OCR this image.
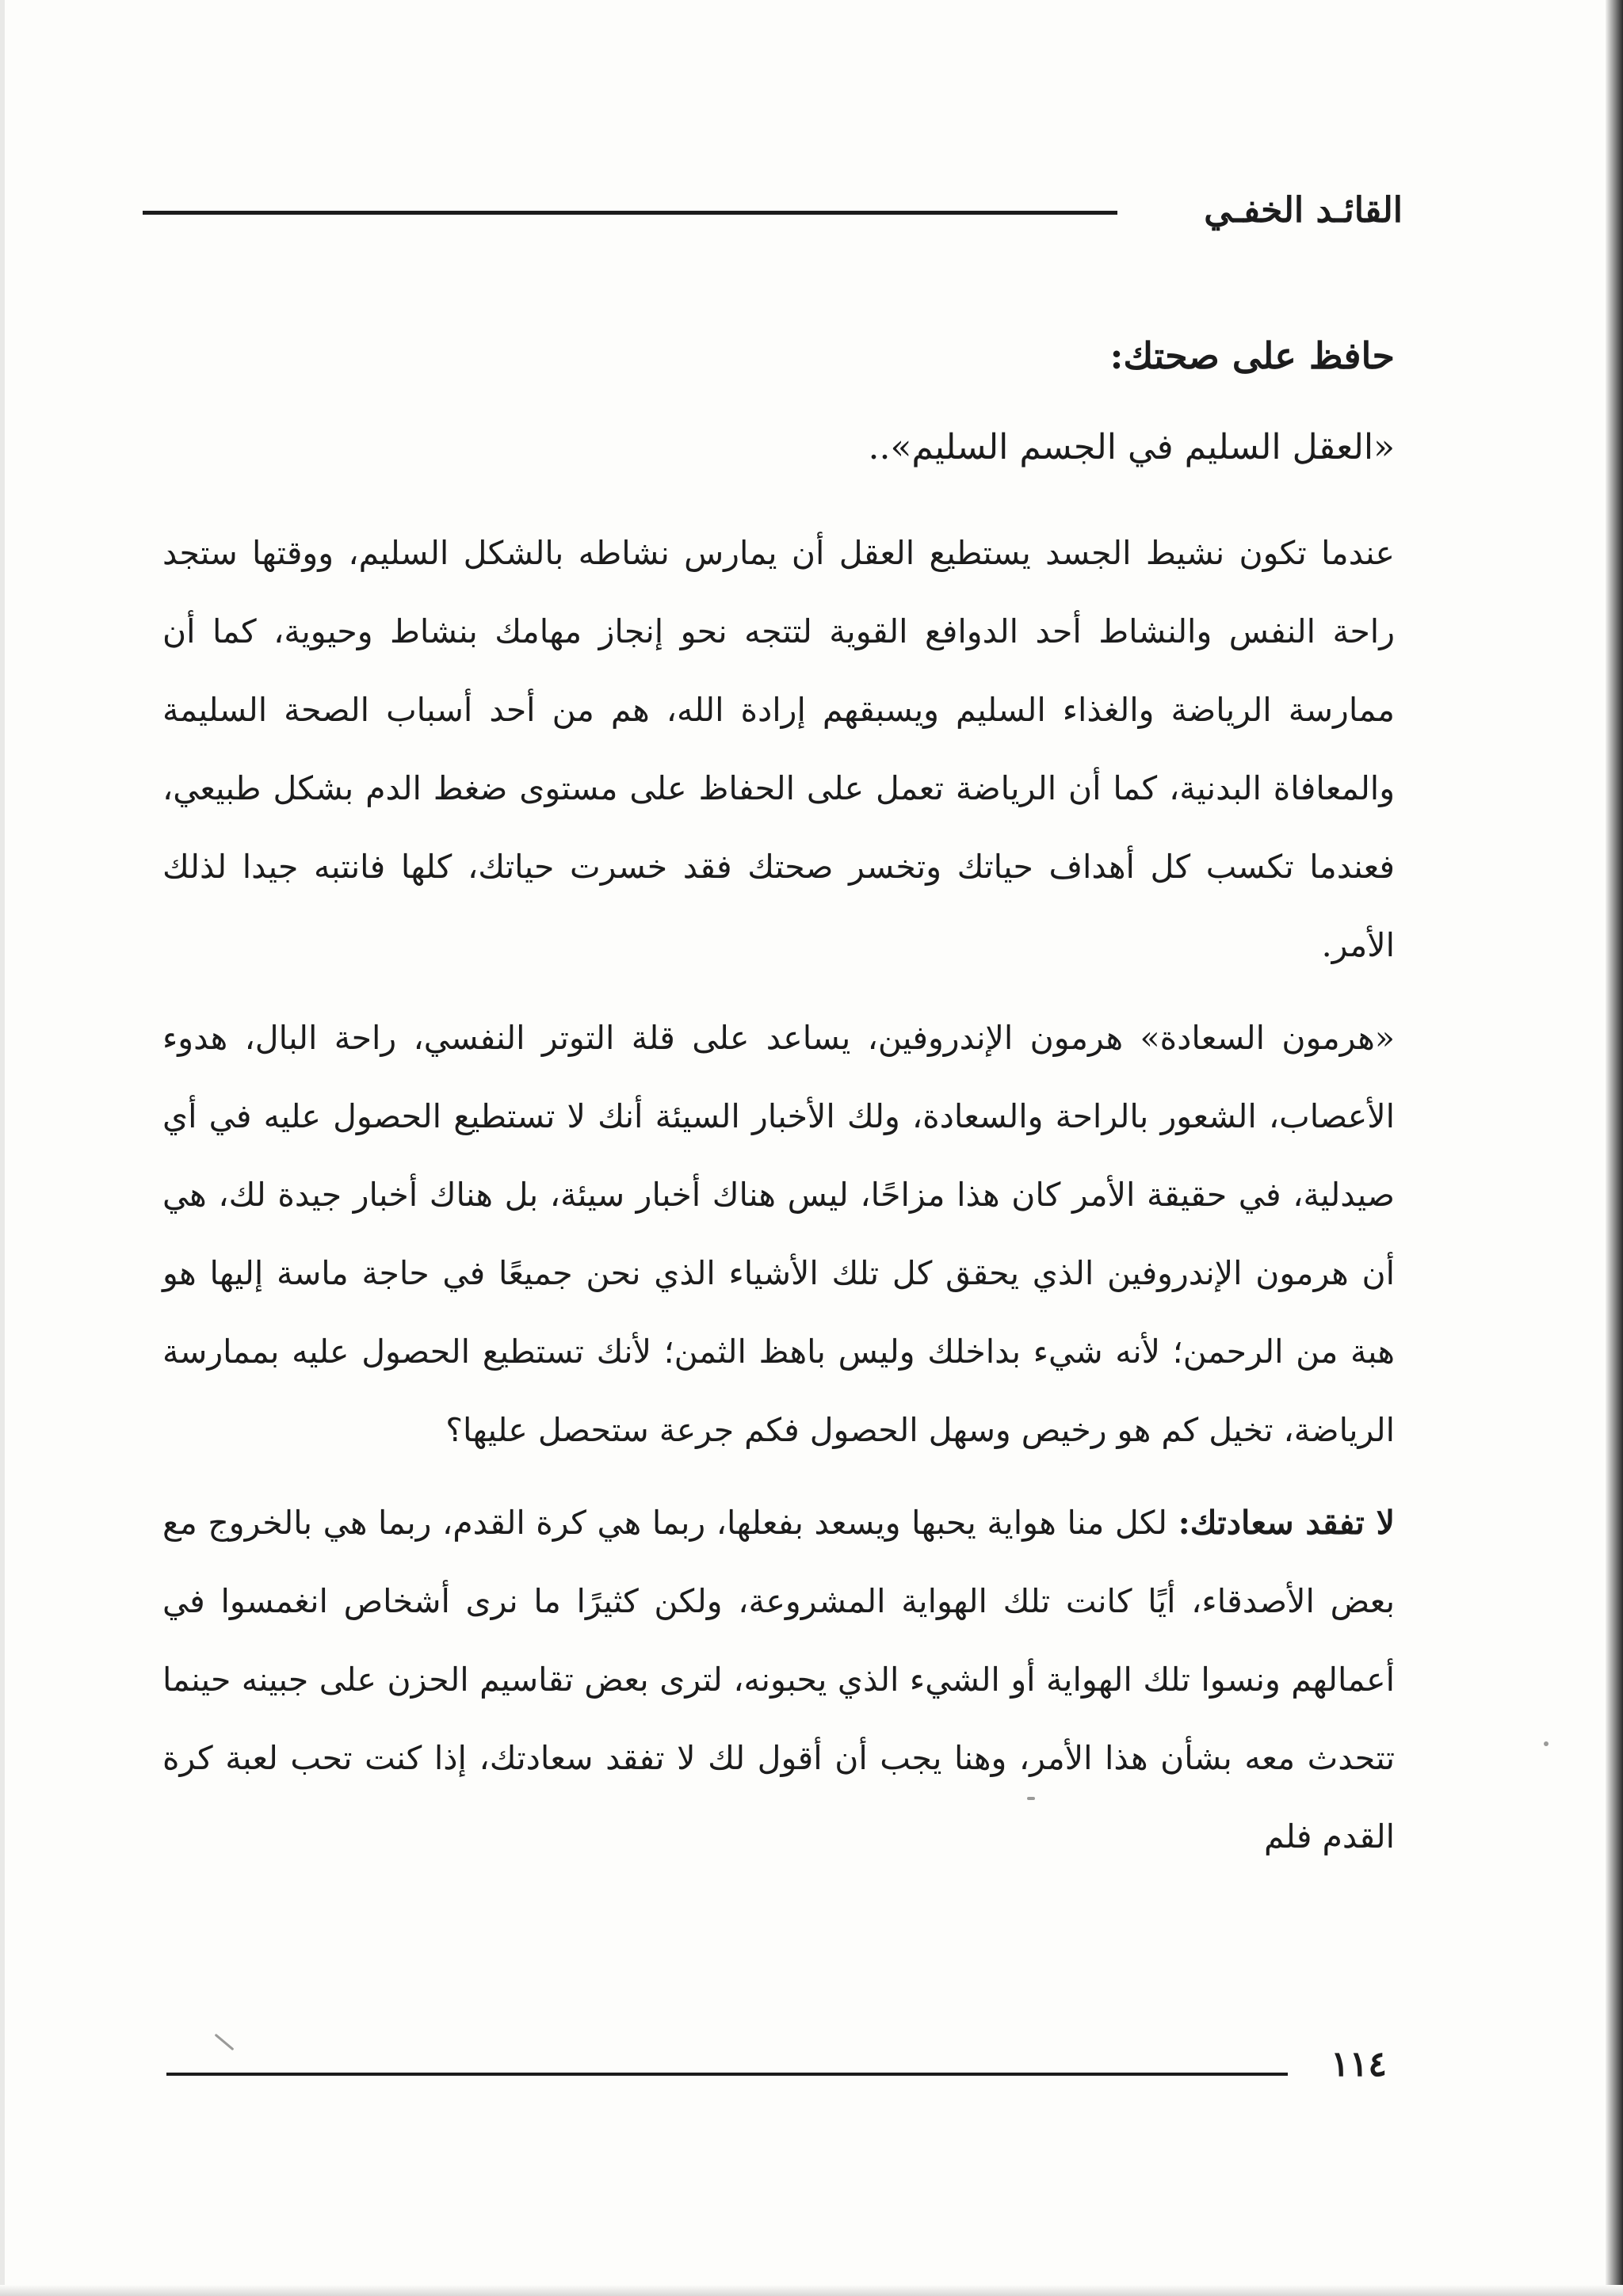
القائـد الخفـي
حافظ على صحتك:
«العقل السليم في الجسم السليم»..

عندما تكون نشيط الجسد يستطيع العقل أن يمارس نشاطه بالشكل السليم، ووقتها ستجد راحة النفس والنشاط أحد الدوافع القوية لتتجه نحو إنجاز مهامك بنشاط وحيوية، كما أن ممارسة الرياضة والغذاء السليم ويسبقهم إرادة الله، هم من أحد أسباب الصحة السليمة والمعافاة البدنية، كما أن الرياضة تعمل على الحفاظ على مستوى ضغط الدم بشكل طبيعي، فعندما تكسب كل أهداف حياتك وتخسر صحتك فقد خسرت حياتك، كلها فانتبه جيدا لذلك الأمر.

«هرمون السعادة» هرمون الإندروفين، يساعد على قلة التوتر النفسي، راحة البال، هدوء الأعصاب، الشعور بالراحة والسعادة، ولك الأخبار السيئة أنك لا تستطيع الحصول عليه في أي صيدلية، في حقيقة الأمر كان هذا مزاحًا، ليس هناك أخبار سيئة، بل هناك أخبار جيدة لك، هي أن هرمون الإندروفين الذي يحقق كل تلك الأشياء الذي نحن جميعًا في حاجة ماسة إليها هو هبة من الرحمن؛ لأنه شيء بداخلك وليس باهظ الثمن؛ لأنك تستطيع الحصول عليه بممارسة الرياضة، تخيل كم هو رخيص وسهل الحصول فكم جرعة ستحصل عليها؟

لا تفقد سعادتك: لكل منا هواية يحبها ويسعد بفعلها، ربما هي كرة القدم، ربما هي بالخروج مع بعض الأصدقاء، أيًا كانت تلك الهواية المشروعة، ولكن كثيرًا ما نرى أشخاص انغمسوا في أعمالهم ونسوا تلك الهواية أو الشيء الذي يحبونه، لترى بعض تقاسيم الحزن على جبينه حينما تتحدث معه بشأن هذا الأمر، وهنا يجب أن أقول لك لا تفقد سعادتك، إذا كنت تحب لعبة كرة القدم فلم

١١٤
